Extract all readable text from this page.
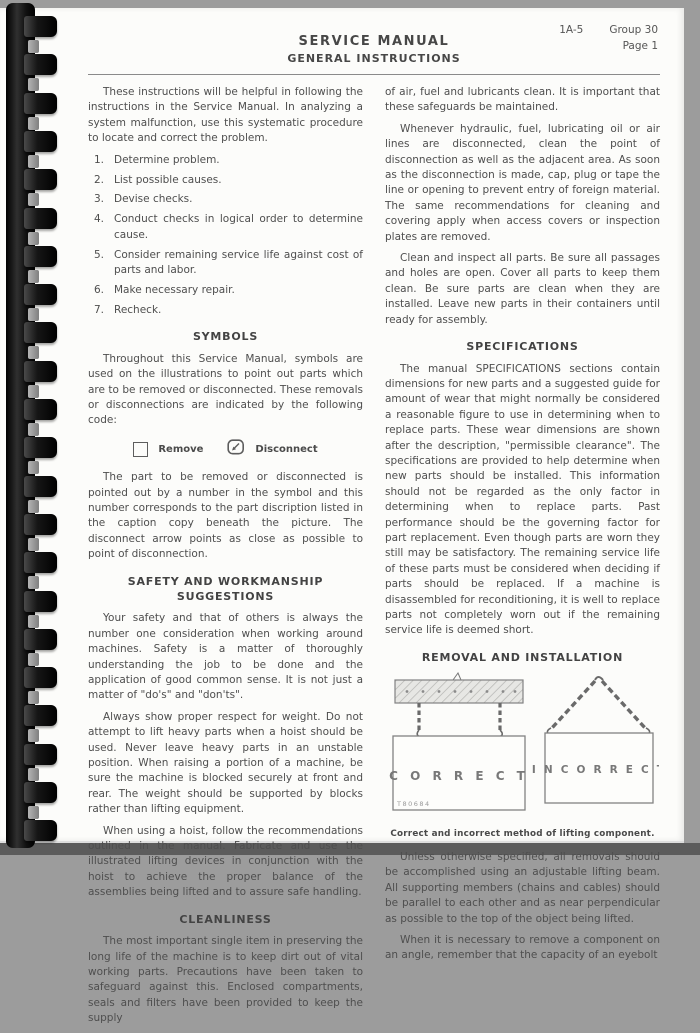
1A-5 Group 30
Page 1
SERVICE MANUAL
GENERAL INSTRUCTIONS

These instructions will be helpful in following the instructions in the Service Manual. In analyzing a system malfunction, use this systematic procedure to locate and correct the problem.

1. Determine problem.
2. List possible causes.
3. Devise checks.
4. Conduct checks in logical order to determine cause.
5. Consider remaining service life against cost of parts and labor.
6. Make necessary repair.
7. Recheck.
SYMBOLS

Throughout this Service Manual, symbols are used on the illustrations to point out parts which are to be removed or disconnected. These removals or disconnections are indicated by the following code:

Remove	Disconnect

The part to be removed or disconnected is pointed out by a number in the symbol and this number corresponds to the part discription listed in the caption copy beneath the picture. The disconnect arrow points as close as possible to point of disconnection.

SAFETY AND WORKMANSHIP SUGGESTIONS

Your safety and that of others is always the number one consideration when working around machines. Safety is a matter of thoroughly understanding the job to be done and the application of good common sense. It is not just a matter of "do's" and "don'ts".

Always show proper respect for weight. Do not attempt to lift heavy parts when a hoist should be used. Never leave heavy parts in an unstable position. When raising a portion of a machine, be sure the machine is blocked securely at front and rear. The weight should be supported by blocks rather than lifting equipment.

When using a hoist, follow the recommendations outlined in the manual. Fabricate and use the illustrated lifting devices in conjunction with the hoist to achieve the proper balance of the assemblies being lifted and to assure safe handling.

CLEANLINESS

The most important single item in preserving the long life of the machine is to keep dirt out of vital working parts. Precautions have been taken to safeguard against this. Enclosed compartments, seals and filters have been provided to keep the supply

of air, fuel and lubricants clean. It is important that these safeguards be maintained.

Whenever hydraulic, fuel, lubricating oil or air lines are disconnected, clean the point of disconnection as well as the adjacent area. As soon as the disconnection is made, cap, plug or tape the line or opening to prevent entry of foreign material. The same recommendations for cleaning and covering apply when access covers or inspection plates are removed.

Clean and inspect all parts. Be sure all passages and holes are open. Cover all parts to keep them clean. Be sure parts are clean when they are installed. Leave new parts in their containers until ready for assembly.

SPECIFICATIONS

The manual SPECIFICATIONS sections contain dimensions for new parts and a suggested guide for amount of wear that might normally be considered a reasonable figure to use in determining when to replace parts. These wear dimensions are shown after the description, "permissible clearance". The specifications are provided to help determine when new parts should be installed. This information should not be regarded as the only factor in determining when to replace parts. Past performance should be the governing factor for part replacement. Even though parts are worn they still may be satisfactory. The remaining service life of these parts must be considered when deciding if parts should be replaced. If a machine is disassembled for reconditioning, it is well to replace parts not completely worn out if the remaining service life is deemed short.

REMOVAL AND INSTALLATION
C O R R E C T
T80684
I N C O R R E C T
Correct and incorrect method of lifting component.

Unless otherwise specified, all removals should be accomplished using an adjustable lifting beam. All supporting members (chains and cables) should be parallel to each other and as near perpendicular as possible to the top of the object being lifted.

When it is necessary to remove a component on an angle, remember that the capacity of an eyebolt
